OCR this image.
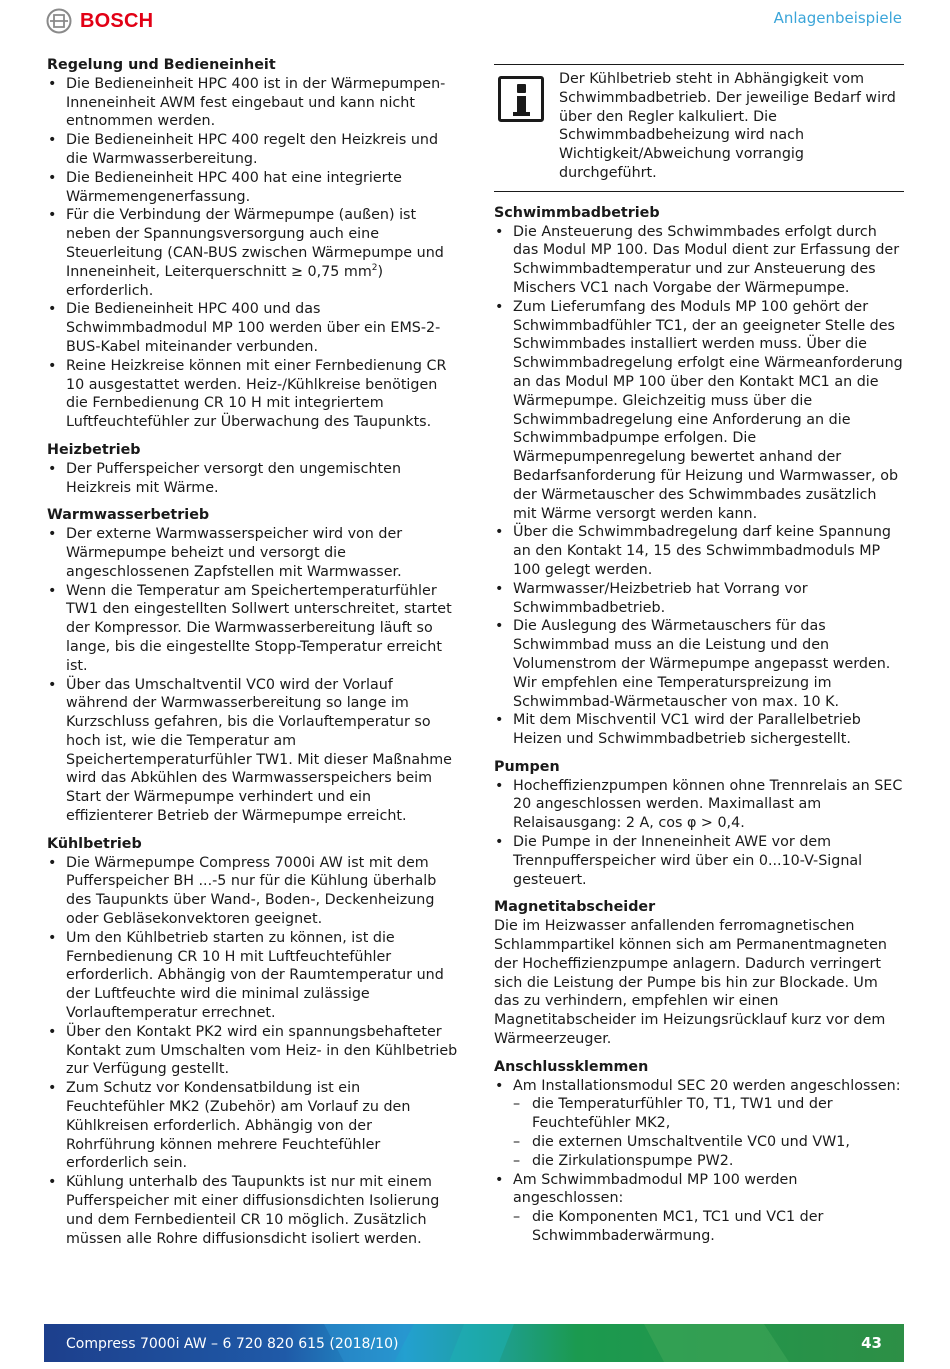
BOSCH	Anlagenbeispiele
Regelung und Bedieneinheit
• Die Bedieneinheit HPC 400 ist in der Wärmepumpen-Inneneinheit AWM fest eingebaut und kann nicht entnommen werden.
• Die Bedieneinheit HPC 400 regelt den Heizkreis und die Warmwasserbereitung.
• Die Bedieneinheit HPC 400 hat eine integrierte Wärmemengenerfassung.
• Für die Verbindung der Wärmepumpe (außen) ist neben der Spannungsversorgung auch eine Steuerleitung (CAN-BUS zwischen Wärmepumpe und Inneneinheit, Leiterquerschnitt ≥ 0,75 $mm^2$) erforderlich.
• Die Bedieneinheit HPC 400 und das Schwimmbadmodul MP 100 werden über ein EMS-2-BUS-Kabel miteinander verbunden.
• Reine Heizkreise können mit einer Fernbedienung CR 10 ausgestattet werden. Heiz-/Kühlkreise benötigen die Fernbedienung CR 10 H mit integriertem Luftfeuchtefühler zur Überwachung des Taupunkts.
Heizbetrieb
• Der Pufferspeicher versorgt den ungemischten Heizkreis mit Wärme.
Warmwasserbetrieb
• Der externe Warmwasserspeicher wird von der Wärmepumpe beheizt und versorgt die angeschlossenen Zapfstellen mit Warmwasser.
• Wenn die Temperatur am Speichertemperaturfühler TW1 den eingestellten Sollwert unterschreitet, startet der Kompressor. Die Warmwasserbereitung läuft so lange, bis die eingestellte Stopp-Temperatur erreicht ist.
• Über das Umschaltventil VC0 wird der Vorlauf während der Warmwasserbereitung so lange im Kurzschluss gefahren, bis die Vorlauftemperatur so hoch ist, wie die Temperatur am Speichertemperaturfühler TW1. Mit dieser Maßnahme wird das Abkühlen des Warmwasserspeichers beim Start der Wärmepumpe verhindert und ein effizienterer Betrieb der Wärmepumpe erreicht.
Kühlbetrieb
• Die Wärmepumpe Compress 7000i AW ist mit dem Pufferspeicher BH ...-5 nur für die Kühlung überhalb des Taupunkts über Wand-, Boden-, Deckenheizung oder Gebläsekonvektoren geeignet.
• Um den Kühlbetrieb starten zu können, ist die Fernbedienung CR 10 H mit Luftfeuchtefühler erforderlich. Abhängig von der Raumtemperatur und der Luftfeuchte wird die minimal zulässige Vorlauftemperatur errechnet.
• Über den Kontakt PK2 wird ein spannungsbehafteter Kontakt zum Umschalten vom Heiz- in den Kühlbetrieb zur Verfügung gestellt.
• Zum Schutz vor Kondensatbildung ist ein Feuchtefühler MK2 (Zubehör) am Vorlauf zu den Kühlkreisen erforderlich. Abhängig von der Rohrführung können mehrere Feuchtefühler erforderlich sein.
• Kühlung unterhalb des Taupunkts ist nur mit einem Pufferspeicher mit einer diffusionsdichten Isolierung und dem Fernbedienteil CR 10 möglich. Zusätzlich müssen alle Rohre diffusionsdicht isoliert werden.

Der Kühlbetrieb steht in Abhängigkeit vom Schwimmbadbetrieb. Der jeweilige Bedarf wird über den Regler kalkuliert. Die Schwimmbadbeheizung wird nach Wichtigkeit/Abweichung vorrangig durchgeführt.

Schwimmbadbetrieb
• Die Ansteuerung des Schwimmbades erfolgt durch das Modul MP 100. Das Modul dient zur Erfassung der Schwimmbadtemperatur und zur Ansteuerung des Mischers VC1 nach Vorgabe der Wärmepumpe.
• Zum Lieferumfang des Moduls MP 100 gehört der Schwimmbadfühler TC1, der an geeigneter Stelle des Schwimmbades installiert werden muss. Über die Schwimmbadregelung erfolgt eine Wärmeanforderung an das Modul MP 100 über den Kontakt MC1 an die Wärmepumpe. Gleichzeitig muss über die Schwimmbadregelung eine Anforderung an die Schwimmbadpumpe erfolgen. Die Wärmepumpenregelung bewertet anhand der Bedarfsanforderung für Heizung und Warmwasser, ob der Wärmetauscher des Schwimmbades zusätzlich mit Wärme versorgt werden kann.
• Über die Schwimmbadregelung darf keine Spannung an den Kontakt 14, 15 des Schwimmbadmoduls MP 100 gelegt werden.
• Warmwasser/Heizbetrieb hat Vorrang vor Schwimmbadbetrieb.
• Die Auslegung des Wärmetauschers für das Schwimmbad muss an die Leistung und den Volumenstrom der Wärmepumpe angepasst werden. Wir empfehlen eine Temperaturspreizung im Schwimmbad-Wärmetauscher von max. 10 K.
• Mit dem Mischventil VC1 wird der Parallelbetrieb Heizen und Schwimmbadbetrieb sichergestellt.
Pumpen
• Hocheffizienzpumpen können ohne Trennrelais an SEC 20 angeschlossen werden. Maximallast am Relaisausgang: 2 A, cos φ > 0,4.
• Die Pumpe in der Inneneinheit AWE vor dem Trennpufferspeicher wird über ein 0...10-V-Signal gesteuert.
Magnetitabscheider

Die im Heizwasser anfallenden ferromagnetischen Schlammpartikel können sich am Permanentmagneten der Hocheffizienzpumpe anlagern. Dadurch verringert sich die Leistung der Pumpe bis hin zur Blockade. Um das zu verhindern, empfehlen wir einen Magnetitabscheider im Heizungsrücklauf kurz vor dem Wärmeerzeuger.

Anschlussklemmen
• Am Installationsmodul SEC 20 werden angeschlossen:
– die Temperaturfühler T0, T1, TW1 und der Feuchtefühler MK2,
– die externen Umschaltventile VC0 und VW1,
– die Zirkulationspumpe PW2.
• Am Schwimmbadmodul MP 100 werden angeschlossen:
– die Komponenten MC1, TC1 und VC1 der Schwimmbaderwärmung.
Compress 7000i AW – 6 720 820 615 (2018/10)	43
